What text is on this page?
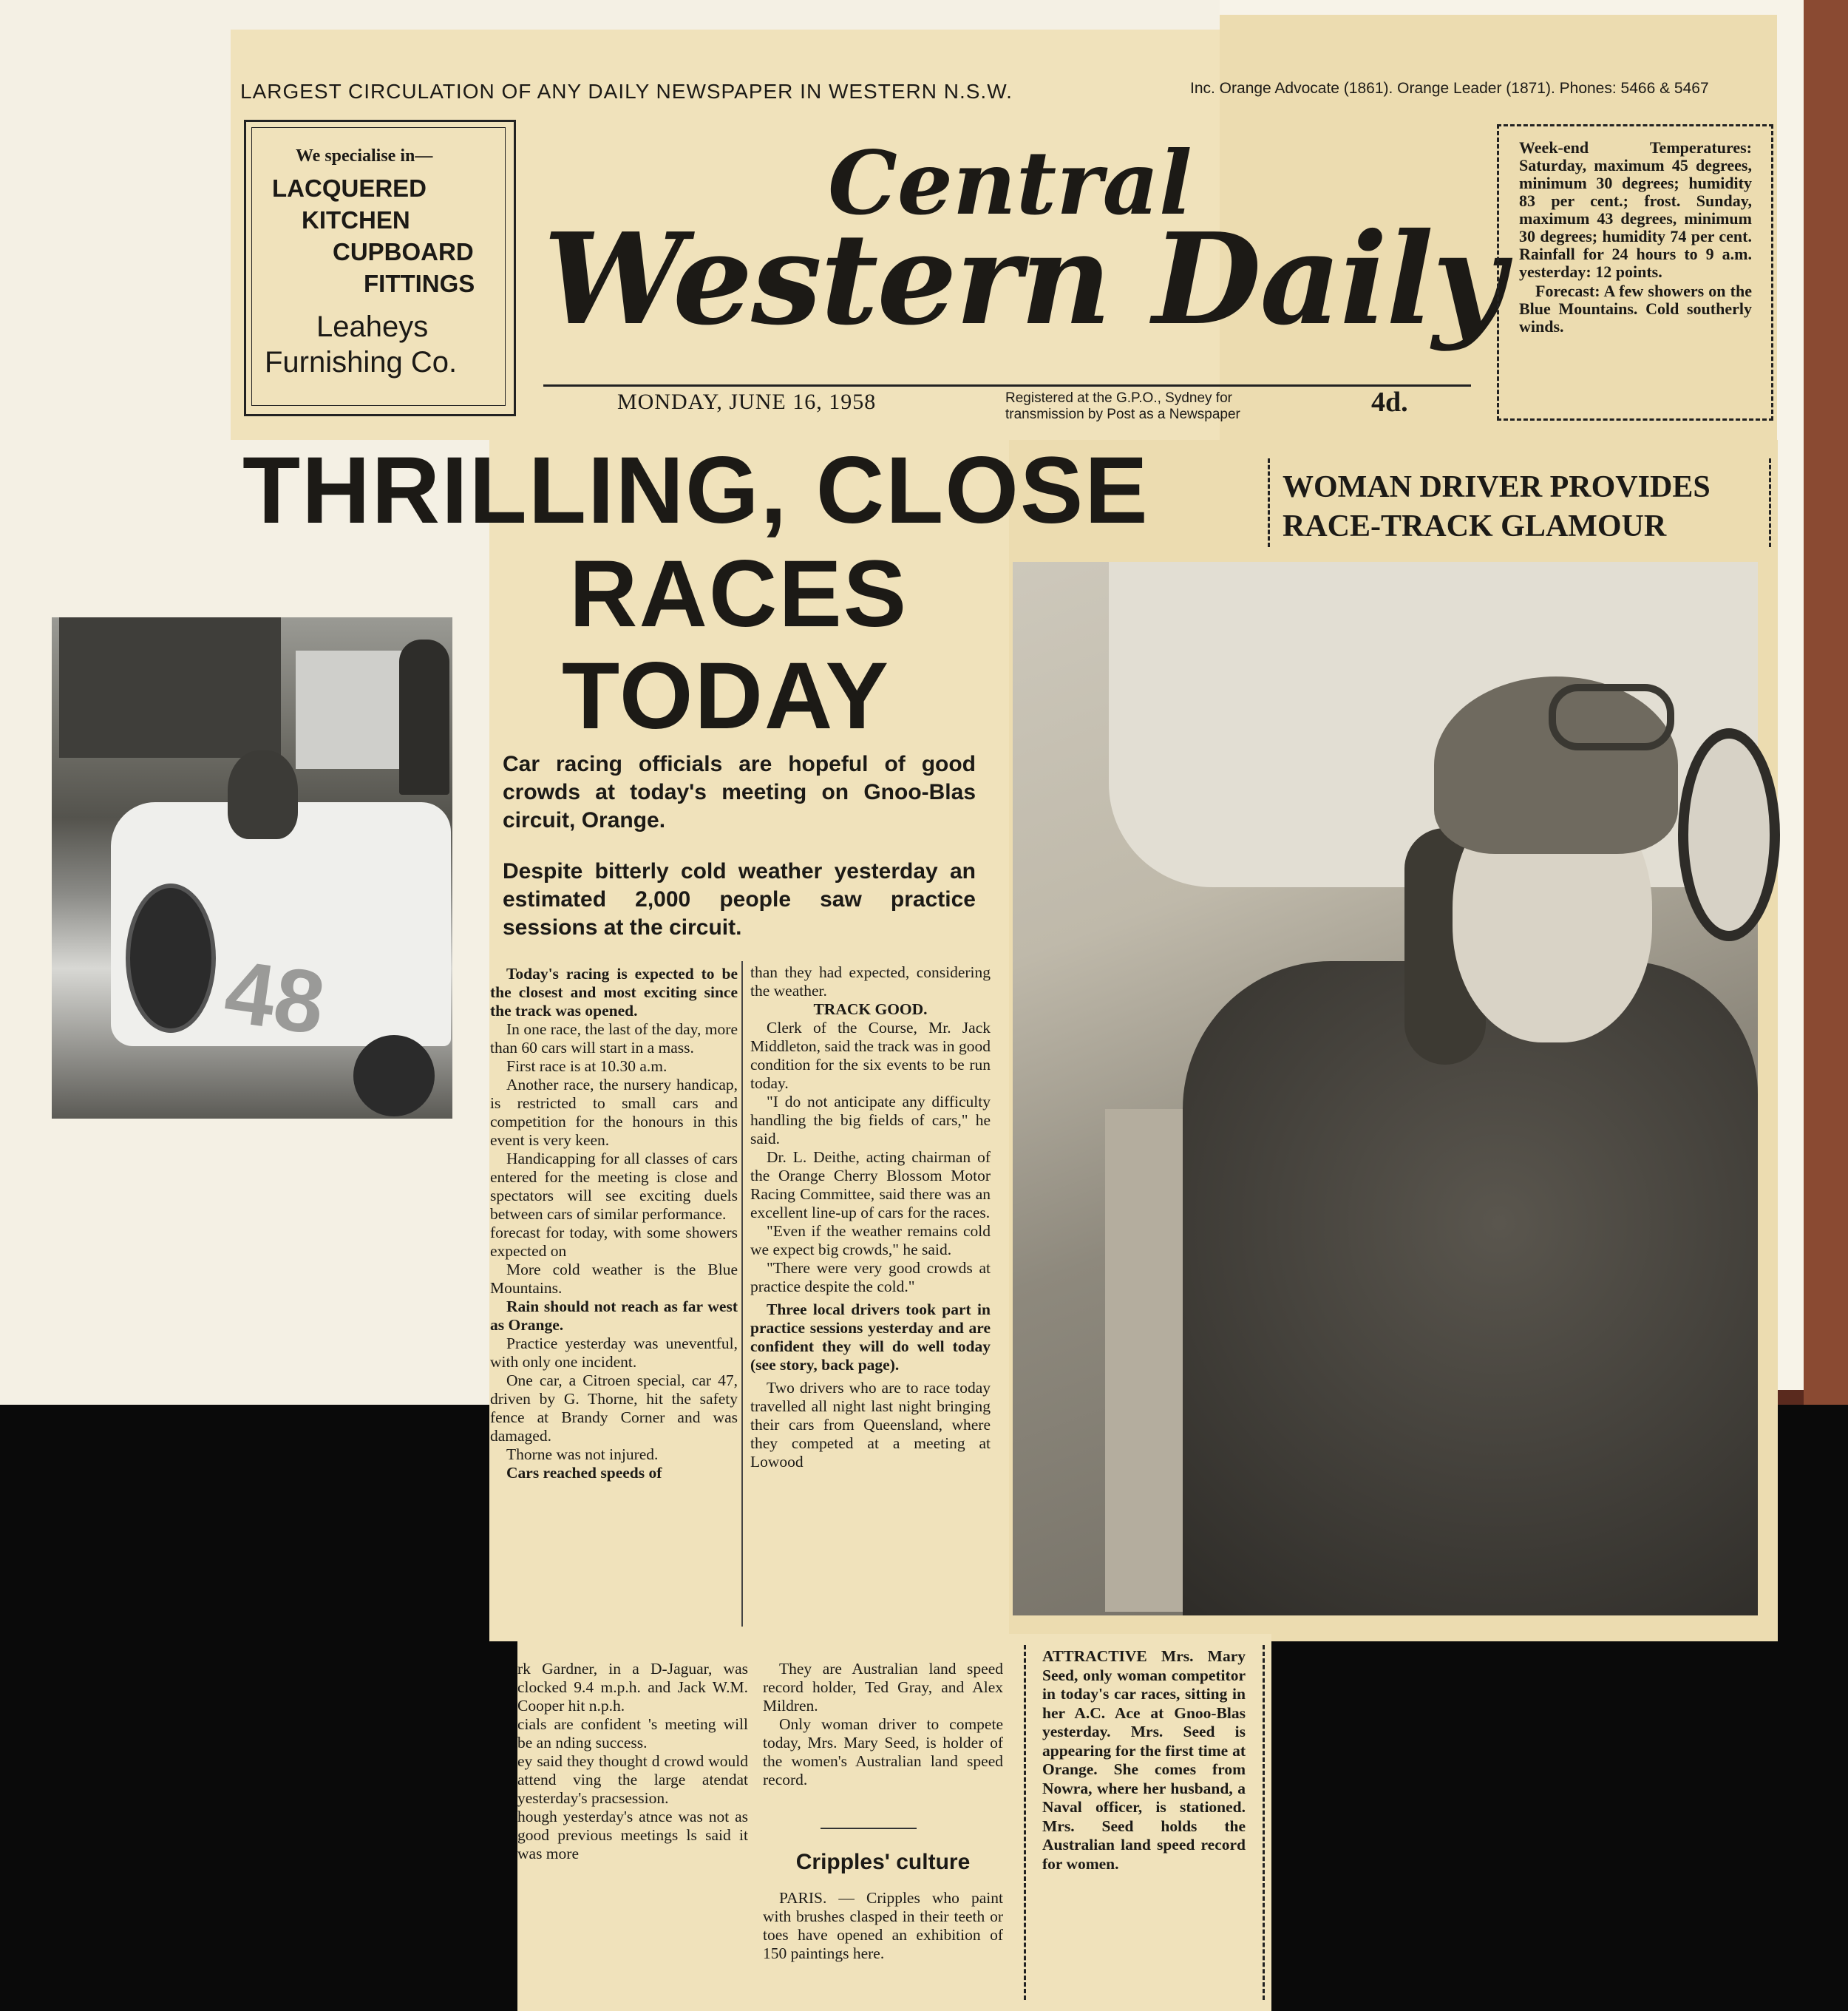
LARGEST CIRCULATION OF ANY DAILY NEWSPAPER IN WESTERN N.S.W.	Inc. Orange Advocate (1861). Orange Leader (1871). Phones: 5466 & 5467
We specialise in—
LACQUERED
KITCHEN
CUPBOARD
FITTINGS
Leaheys
Furnishing Co.
Central
Western Daily
MONDAY, JUNE 16, 1958	Registered at the G.P.O., Sydney for
transmission by Post as a Newspaper	4d.
Week-end Temperatures: Saturday, maximum 45 degrees, minimum 30 degrees; humidity 83 per cent.; frost. Sunday, maximum 43 degrees, minimum 30 degrees; humidity 74 per cent. Rainfall for 24 hours to 9 a.m. yesterday: 12 points.
Forecast: A few showers on the Blue Mountains. Cold southerly winds.
THRILLING, CLOSE
RACES
TODAY
WOMAN DRIVER PROVIDES
RACE-TRACK GLAMOUR
48
Car racing officials are hopeful of good crowds at today's meeting on Gnoo-Blas circuit, Orange.
Despite bitterly cold weather yesterday an estimated 2,000 people saw practice sessions at the circuit.

Today's racing is expected to be the closest and most exciting since the track was opened.

In one race, the last of the day, more than 60 cars will start in a mass.

First race is at 10.30 a.m.

Another race, the nursery handicap, is restricted to small cars and competition for the honours in this event is very keen.

Handicapping for all classes of cars entered for the meeting is close and spectators will see exciting duels between cars of similar performance.

forecast for today, with some showers expected on

More cold weather is the Blue Mountains.

Rain should not reach as far west as Orange.

Practice yesterday was uneventful, with only one incident.

One car, a Citroen special, car 47, driven by G. Thorne, hit the safety fence at Brandy Corner and was damaged.

Thorne was not injured.

Cars reached speeds of

than they had expected, considering the weather.

TRACK GOOD.

Clerk of the Course, Mr. Jack Middleton, said the track was in good condition for the six events to be run today.

"I do not anticipate any difficulty handling the big fields of cars," he said.

Dr. L. Deithe, acting chairman of the Orange Cherry Blossom Motor Racing Committee, said there was an excellent line-up of cars for the races.

"Even if the weather remains cold we expect big crowds," he said.

"There were very good crowds at practice despite the cold."

Three local drivers took part in practice sessions yesterday and are confident they will do well today (see story, back page).

Two drivers who are to race today travelled all night last night bringing their cars from Queensland, where they competed at a meeting at Lowood

rk Gardner, in a D-Jaguar, was clocked 9.4 m.p.h. and Jack W.M. Cooper hit n.p.h.

cials are confident 's meeting will be an nding success.

ey said they thought d crowd would attend ving the large atendat yesterday's pracsession.

hough yesterday's atnce was not as good previous meetings ls said it was more

They are Australian land speed record holder, Ted Gray, and Alex Mildren.

Only woman driver to compete today, Mrs. Mary Seed, is holder of the women's Australian land speed record.

Cripples' culture

PARIS. — Cripples who paint with brushes clasped in their teeth or toes have opened an exhibition of 150 paintings here.

ATTRACTIVE Mrs. Mary Seed, only woman competitor in today's car races, sitting in her A.C. Ace at Gnoo-Blas yesterday. Mrs. Seed is appearing for the first time at Orange. She comes from Nowra, where her husband, a Naval officer, is stationed. Mrs. Seed holds the Australian land speed record for women.
